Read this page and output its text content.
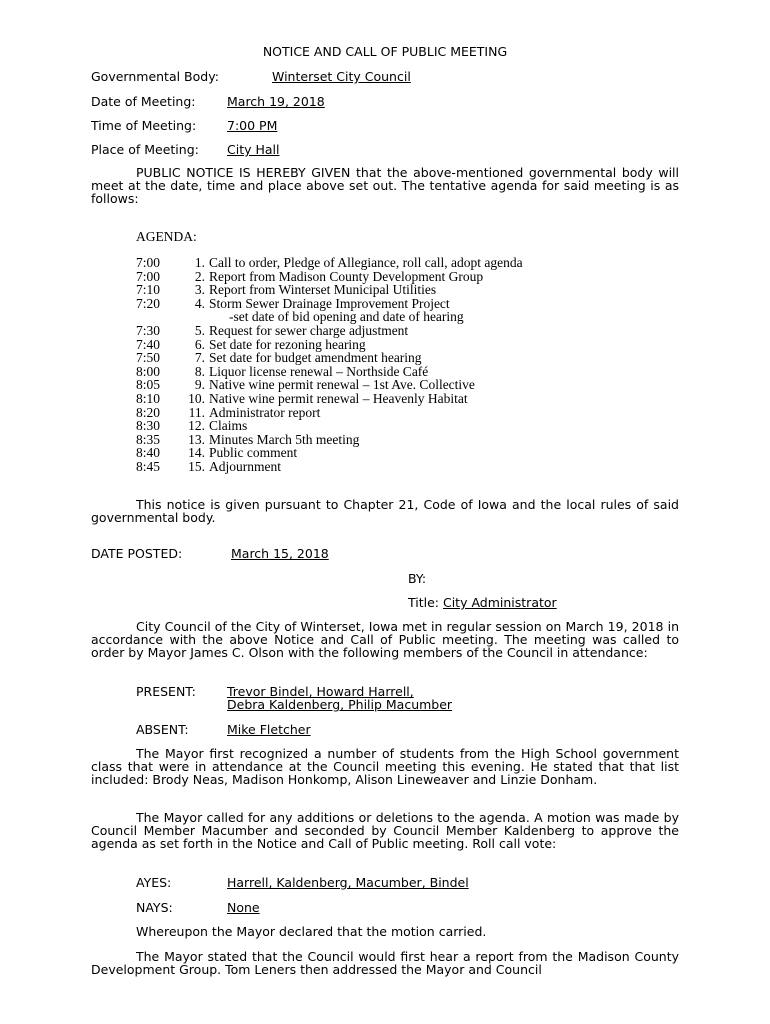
NOTICE AND CALL OF PUBLIC MEETING
Governmental Body:	Winterset City Council
Date of Meeting:	March 19, 2018
Time of Meeting: 7:00 PM
Place of Meeting: City Hall
PUBLIC NOTICE IS HEREBY GIVEN that the above-mentioned governmental body will meet at the date, time and place above set out. The tentative agenda for said meeting is as follows:
AGENDA:
7:00	1. Call to order, Pledge of Allegiance, roll call, adopt agenda
7:00	2. Report from Madison County Development Group
7:10	3. Report from Winterset Municipal Utilities
7:20	4. Storm Sewer Drainage Improvement Project
-set date of bid opening and date of hearing
7:30	5. Request for sewer charge adjustment
7:40	6. Set date for rezoning hearing
7:50	7. Set date for budget amendment hearing
8:00	8. Liquor license renewal – Northside Café
8:05	9. Native wine permit renewal – 1st Ave. Collective
8:10	10. Native wine permit renewal – Heavenly Habitat
8:20	11. Administrator report
8:30	12. Claims
8:35	13. Minutes March 5th meeting
8:40	14. Public comment
8:45	15. Adjournment
This notice is given pursuant to Chapter 21, Code of Iowa and the local rules of said governmental body.
DATE POSTED:	March 15, 2018
BY:
Title: City Administrator
City Council of the City of Winterset, Iowa met in regular session on March 19, 2018 in accordance with the above Notice and Call of Public meeting. The meeting was called to order by Mayor James C. Olson with the following members of the Council in attendance:
PRESENT: Trevor Bindel, Howard Harrell,
Debra Kaldenberg, Philip Macumber
ABSENT:	Mike Fletcher
The Mayor first recognized a number of students from the High School government class that were in attendance at the Council meeting this evening. He stated that that list included: Brody Neas, Madison Honkomp, Alison Lineweaver and Linzie Donham.
The Mayor called for any additions or deletions to the agenda. A motion was made by Council Member Macumber and seconded by Council Member Kaldenberg to approve the agenda as set forth in the Notice and Call of Public meeting. Roll call vote:
AYES:	Harrell, Kaldenberg, Macumber, Bindel
NAYS:	None
Whereupon the Mayor declared that the motion carried.
The Mayor stated that the Council would first hear a report from the Madison County Development Group. Tom Leners then addressed the Mayor and Council
